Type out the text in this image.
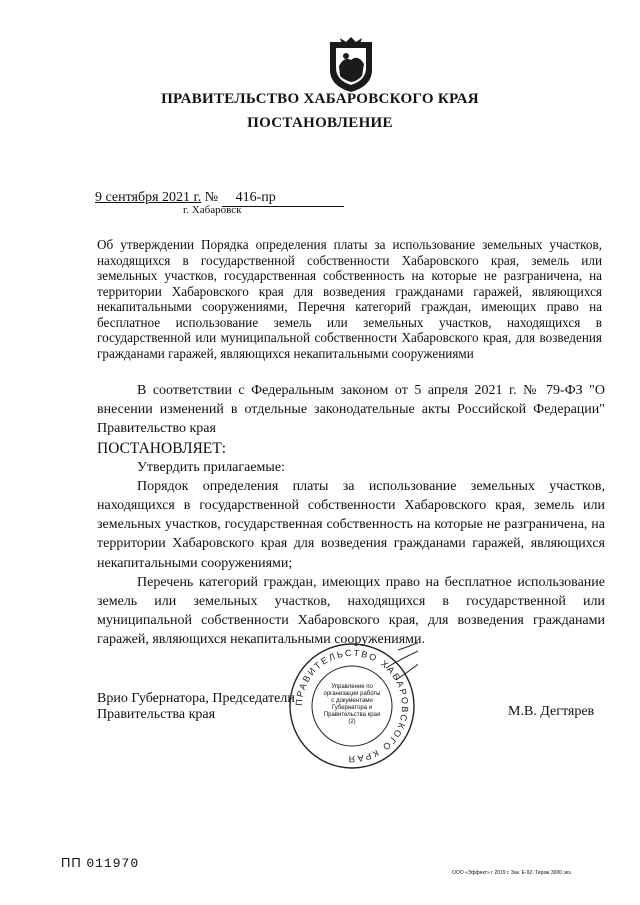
ПРАВИТЕЛЬСТВО ХАБАРОВСКОГО КРАЯ
ПОСТАНОВЛЕНИЕ
9 сентября 2021 г. № 416-пр
г. Хабаровск
Об утверждении Порядка определения платы за использование земельных участков, находящихся в государственной собственности Хабаровского края, земель или земельных участков, государственная собственность на которые не разграничена, на территории Хабаровского края для возведения гражданами гаражей, являющихся некапитальными сооружениями, Перечня категорий граждан, имеющих право на бесплатное использование земель или земельных участков, находящихся в государственной или муниципальной собственности Хабаровского края, для возведения гражданами гаражей, являющихся некапитальными сооружениями

В соответствии с Федеральным законом от 5 апреля 2021 г. № 79-ФЗ "О внесении изменений в отдельные законодательные акты Российской Федерации" Правительство края

ПОСТАНОВЛЯЕТ:

Утвердить прилагаемые:

Порядок определения платы за использование земельных участков, находящихся в государственной собственности Хабаровского края, земель или земельных участков, государственная собственность на которые не разграничена, на территории Хабаровского края для возведения гражданами гаражей, являющихся некапитальными сооружениями;

Перечень категорий граждан, имеющих право на бесплатное использование земель или земельных участков, находящихся в государственной или муниципальной собственности Хабаровского края, для возведения гражданами гаражей, являющихся некапитальными сооружениями.

Врио Губернатора, Председатели
Правительства края	М.В. Дегтярев
ПРАВИТЕЛЬСТВО ХАБАРОВСКОГО КРАЯ
Управление по организации работы с документами Губернатора и Правительства края
(2)
ПП 011970
ООО «Эффект» г 2019 г. Зак. Е-92. Тираж 3000 экз.
